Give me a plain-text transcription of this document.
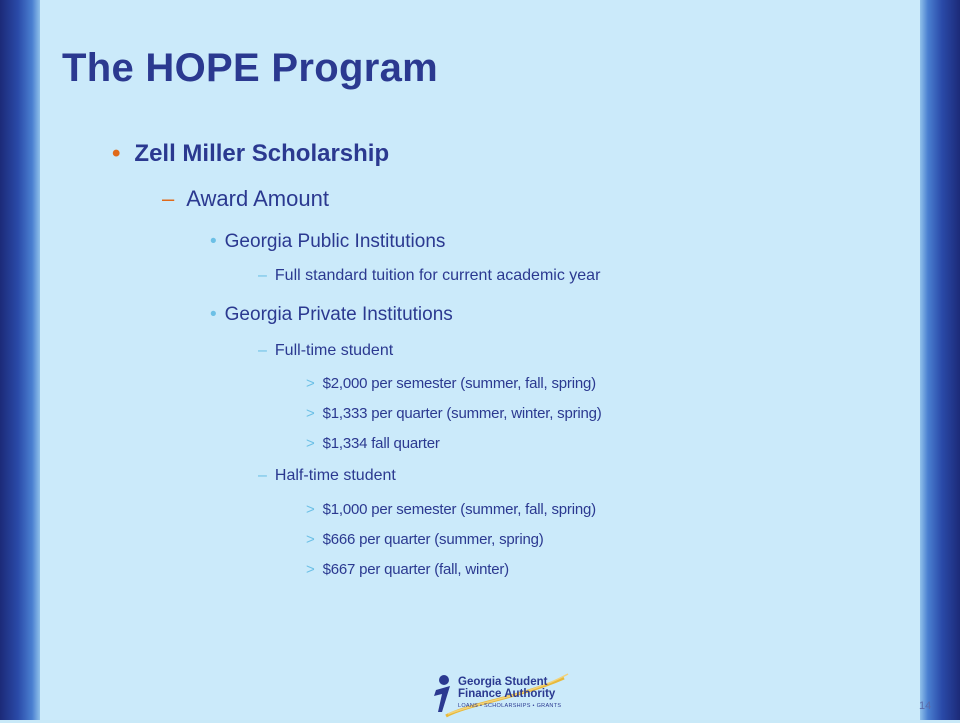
The HOPE Program
• Zell Miller Scholarship
– Award Amount
• Georgia Public Institutions
– Full standard tuition for current academic year
• Georgia Private Institutions
– Full-time student
> $2,000 per semester (summer, fall, spring)
> $1,333 per quarter (summer, winter, spring)
> $1,334 fall quarter
– Half-time student
> $1,000 per semester (summer, fall, spring)
> $666 per quarter (summer, spring)
> $667 per quarter (fall, winter)
Georgia Student
Finance Authority
LOANS • SCHOLARSHIPS • GRANTS	14
